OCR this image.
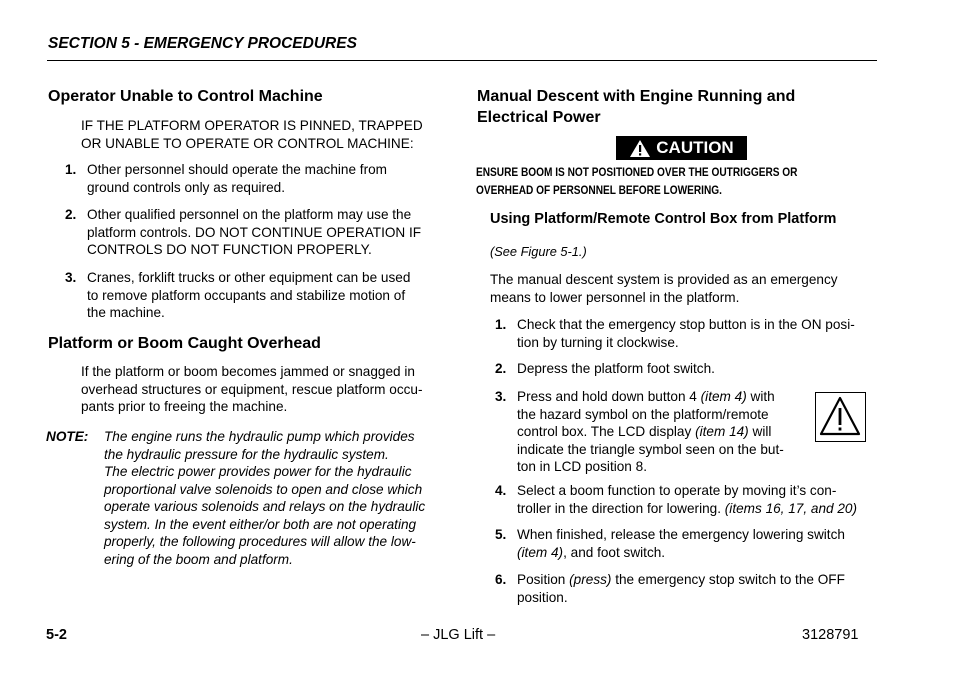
SECTION 5 - EMERGENCY PROCEDURES
Operator Unable to Control Machine
IF THE PLATFORM OPERATOR IS PINNED, TRAPPED
OR UNABLE TO OPERATE OR CONTROL MACHINE:
1. Other personnel should operate the machine from
ground controls only as required.
2. Other qualified personnel on the platform may use the
platform controls. DO NOT CONTINUE OPERATION IF
CONTROLS DO NOT FUNCTION PROPERLY.
3. Cranes, forklift trucks or other equipment can be used
to remove platform occupants and stabilize motion of
the machine.
Platform or Boom Caught Overhead
If the platform or boom becomes jammed or snagged in
overhead structures or equipment, rescue platform occu-
pants prior to freeing the machine.
NOTE: The engine runs the hydraulic pump which provides
the hydraulic pressure for the hydraulic system.
The electric power provides power for the hydraulic
proportional valve solenoids to open and close which
operate various solenoids and relays on the hydraulic
system. In the event either/or both are not operating
properly, the following procedures will allow the low-
ering of the boom and platform.
Manual Descent with Engine Running and
Electrical Power
CAUTION
ENSURE BOOM IS NOT POSITIONED OVER THE OUTRIGGERS OR
OVERHEAD OF PERSONNEL BEFORE LOWERING.
Using Platform/Remote Control Box from Platform
(See Figure 5-1.)
The manual descent system is provided as an emergency
means to lower personnel in the platform.
1. Check that the emergency stop button is in the ON posi-
tion by turning it clockwise.
2. Depress the platform foot switch.
3. Press and hold down button 4 (item 4) with
the hazard symbol on the platform/remote
control box. The LCD display (item 14) will
indicate the triangle symbol seen on the but-
ton in LCD position 8.
4. Select a boom function to operate by moving it’s con-
troller in the direction for lowering. (items 16, 17, and 20)
5. When finished, release the emergency lowering switch
(item 4), and foot switch.
6. Position (press) the emergency stop switch to the OFF
position.
5-2	– JLG Lift –	3128791
